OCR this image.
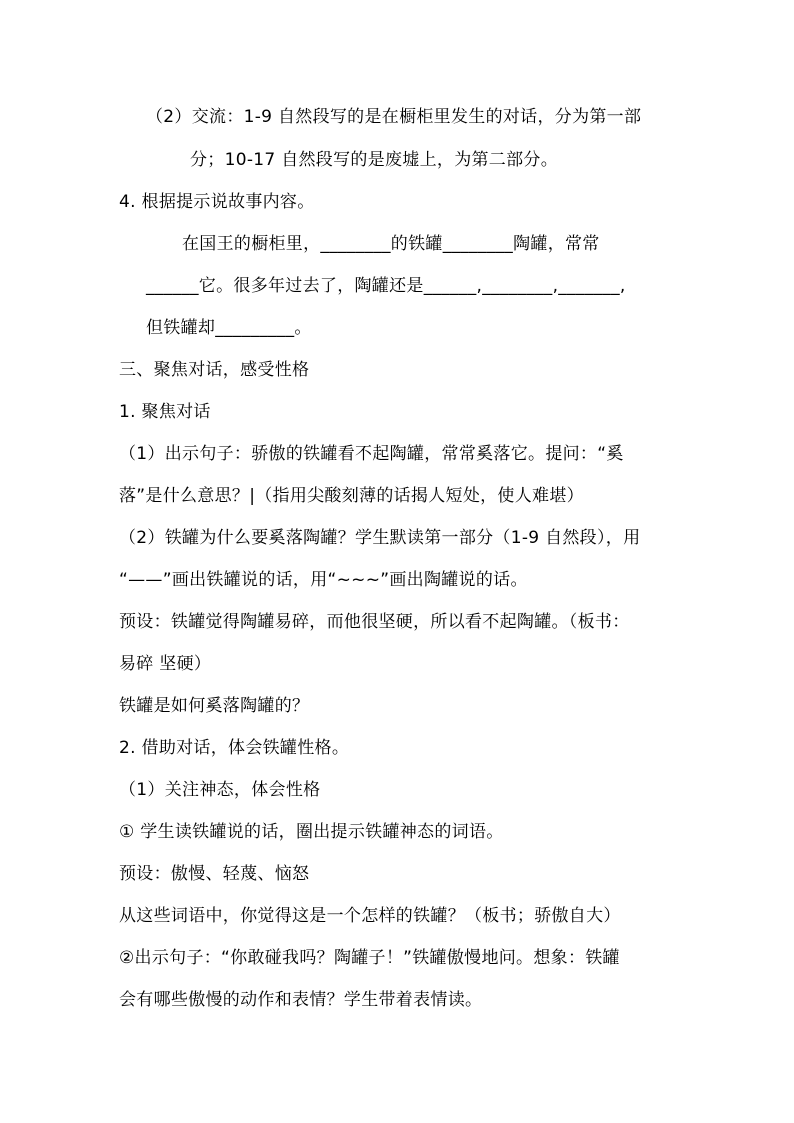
（2）交流：1-9 自然段写的是在橱柜里发生的对话，分为第一部
分；10-17 自然段写的是废墟上，为第二部分。
4. 根据提示说故事内容。
在国王的橱柜里，________的铁罐________陶罐，常常
______它。很多年过去了，陶罐还是______,________,_______,
但铁罐却_________。
三、聚焦对话，感受性格
1. 聚焦对话
（1）出示句子：骄傲的铁罐看不起陶罐，常常奚落它。提问：“奚
落”是什么意思？|（指用尖酸刻薄的话揭人短处，使人难堪）
（2）铁罐为什么要奚落陶罐？学生默读第一部分（1-9 自然段），用
“——”画出铁罐说的话，用“~~~”画出陶罐说的话。
预设：铁罐觉得陶罐易碎，而他很坚硬，所以看不起陶罐。（板书：
易碎 坚硬）
铁罐是如何奚落陶罐的？
2. 借助对话，体会铁罐性格。
（1）关注神态，体会性格
① 学生读铁罐说的话，圈出提示铁罐神态的词语。
预设：傲慢、轻蔑、恼怒
从这些词语中，你觉得这是一个怎样的铁罐？（板书；骄傲自大）
②出示句子：“你敢碰我吗？陶罐子！”铁罐傲慢地问。想象：铁罐
会有哪些傲慢的动作和表情？学生带着表情读。
